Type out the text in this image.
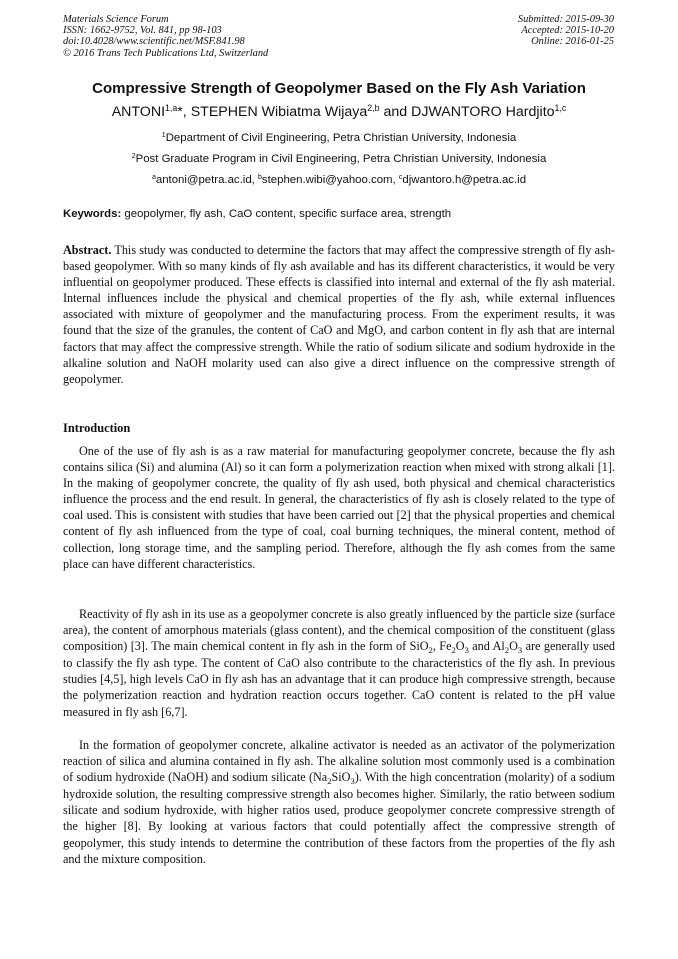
Materials Science Forum
ISSN: 1662-9752, Vol. 841, pp 98-103
doi:10.4028/www.scientific.net/MSF.841.98
© 2016 Trans Tech Publications Ltd, Switzerland
Submitted: 2015-09-30
Accepted: 2015-10-20
Online: 2016-01-25
Compressive Strength of Geopolymer Based on the Fly Ash Variation
ANTONI$^{1,a}$*, STEPHEN Wibiatma Wijaya$^{2,b}$ and DJWANTORO Hardjito$^{1,c}$
$^1$Department of Civil Engineering, Petra Christian University, Indonesia
$^2$Post Graduate Program in Civil Engineering, Petra Christian University, Indonesia
$^a$antoni@petra.ac.id, $^b$stephen.wibi@yahoo.com, $^c$djwantoro.h@petra.ac.id
Keywords: geopolymer, fly ash, CaO content, specific surface area, strength

Abstract. This study was conducted to determine the factors that may affect the compressive strength of fly ash-based geopolymer. With so many kinds of fly ash available and has its different characteristics, it would be very influential on geopolymer produced. These effects is classified into internal and external of the fly ash material. Internal influences include the physical and chemical properties of the fly ash, while external influences associated with mixture of geopolymer and the manufacturing process. From the experiment results, it was found that the size of the granules, the content of CaO and MgO, and carbon content in fly ash that are internal factors that may affect the compressive strength. While the ratio of sodium silicate and sodium hydroxide in the alkaline solution and NaOH molarity used can also give a direct influence on the compressive strength of geopolymer.

Introduction

One of the use of fly ash is as a raw material for manufacturing geopolymer concrete, because the fly ash contains silica (Si) and alumina (Al) so it can form a polymerization reaction when mixed with strong alkali [1]. In the making of geopolymer concrete, the quality of fly ash used, both physical and chemical characteristics influence the process and the end result. In general, the characteristics of fly ash is closely related to the type of coal used. This is consistent with studies that have been carried out [2] that the physical properties and chemical content of fly ash influenced from the type of coal, coal burning techniques, the mineral content, method of collection, long storage time, and the sampling period. Therefore, although the fly ash comes from the same place can have different characteristics.

Reactivity of fly ash in its use as a geopolymer concrete is also greatly influenced by the particle size (surface area), the content of amorphous materials (glass content), and the chemical composition of the constituent (glass composition) [3]. The main chemical content in fly ash in the form of SiO$_2$, $Fe_2O_3$ and $Al_2O_3$ are generally used to classify the fly ash type. The content of CaO also contribute to the characteristics of the fly ash. In previous studies [4,5], high levels CaO in fly ash has an advantage that it can produce high compressive strength, because the polymerization reaction and hydration reaction occurs together. CaO content is related to the pH value measured in fly ash [6,7].

In the formation of geopolymer concrete, alkaline activator is needed as an activator of the polymerization reaction of silica and alumina contained in fly ash. The alkaline solution most commonly used is a combination of sodium hydroxide (NaOH) and sodium silicate $(Na_2SiO_3)$. With the high concentration (molarity) of a sodium hydroxide solution, the resulting compressive strength also becomes higher. Similarly, the ratio between sodium silicate and sodium hydroxide, with higher ratios used, produce geopolymer concrete compressive strength of the higher [8]. By looking at various factors that could potentially affect the compressive strength of geopolymer, this study intends to determine the contribution of these factors from the properties of the fly ash and the mixture composition.
